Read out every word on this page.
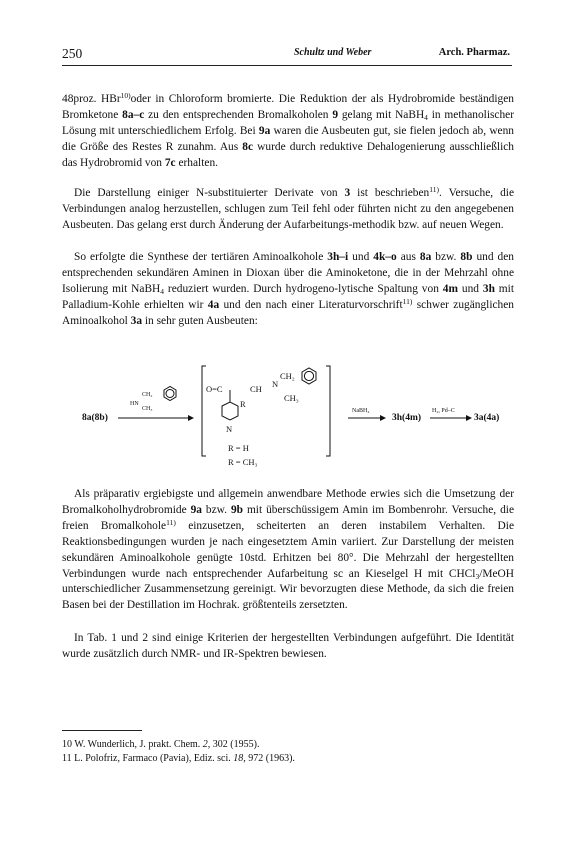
250	Schultz und Weber	Arch. Pharmaz.

48proz. HBr$^{10)}$oder in Chloroform bromierte. Die Reduktion der als Hydrobromide beständigen Bromketone 8a–c zu den entsprechenden Bromalkoholen 9 gelang mit NaBH$_4$ in methanolischer Lösung mit unterschiedlichem Erfolg. Bei 9a waren die Ausbeuten gut, sie fielen jedoch ab, wenn die Größe des Restes R zunahm. Aus 8c wurde durch reduktive Dehalogenierung ausschließlich das Hydrobromid von 7c erhalten.

Die Darstellung einiger N-substituierter Derivate von 3 ist beschrieben$^{11)}$. Versuche, die Verbindungen analog herzustellen, schlugen zum Teil fehl oder führten nicht zu den angegebenen Ausbeuten. Das gelang erst durch Änderung der Aufarbeitungs-methodik bzw. auf neuen Wegen.

So erfolgte die Synthese der tertiären Aminoalkohole 3h–i und 4k–o aus 8a bzw. 8b und den entsprechenden sekundären Aminen in Dioxan über die Aminoketone, die in der Mehrzahl ohne Isolierung mit NaBH$_4$ reduziert wurden. Durch hydrogeno-lytische Spaltung von 4m und 3h mit Palladium-Kohle erhielten wir 4a und den nach einer Literaturvorschrift$^{11)}$ schwer zugänglichen Aminoalkohol 3a in sehr guten Ausbeuten:

8a(8b)
HN
CH₂
CH₃
O=C	CH N
CH₂
CH₃
R
N
R = H
R = CH₃
NaBH₄
3h(4m)
H₂, Pd–C
3a(4a)

Als präparativ ergiebigste und allgemein anwendbare Methode erwies sich die Umsetzung der Bromalkoholhydrobromide 9a bzw. 9b mit überschüssigem Amin im Bombenrohr. Versuche, die freien Bromalkohole$^{11)}$ einzusetzen, scheiterten an deren instabilem Verhalten. Die Reaktionsbedingungen wurden je nach eingesetztem Amin variiert. Zur Darstellung der meisten sekundären Aminoalkohole genügte 10std. Erhitzen bei 80°. Die Mehrzahl der hergestellten Verbindungen wurde nach entsprechender Aufarbeitung sc an Kieselgel H mit CHCl$_3$/MeOH unterschiedlicher Zusammensetzung gereinigt. Wir bevorzugten diese Methode, da sich die freien Basen bei der Destillation im Hochrak. größtenteils zersetzten.

In Tab. 1 und 2 sind einige Kriterien der hergestellten Verbindungen aufgeführt. Die Identität wurde zusätzlich durch NMR- und IR-Spektren bewiesen.

10 W. Wunderlich, J. prakt. Chem. 2, 302 (1955).
11 L. Polofriz, Farmaco (Pavia), Ediz. sci. 18, 972 (1963).
